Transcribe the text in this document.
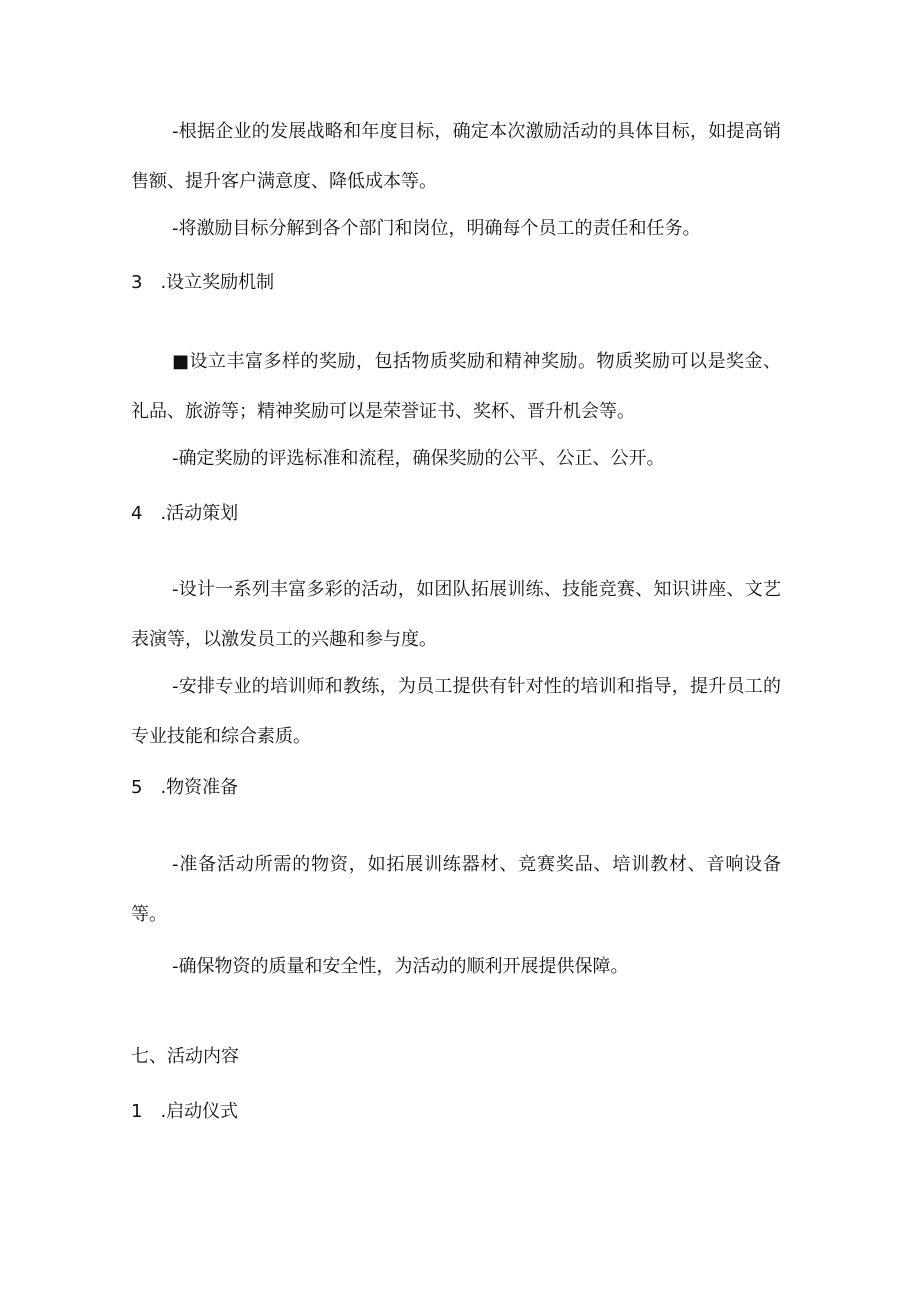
-根据企业的发展战略和年度目标，确定本次激励活动的具体目标，如提高销售额、提升客户满意度、降低成本等。
-将激励目标分解到各个部门和岗位，明确每个员工的责任和任务。
3　.设立奖励机制
■设立丰富多样的奖励，包括物质奖励和精神奖励。物质奖励可以是奖金、礼品、旅游等；精神奖励可以是荣誉证书、奖杯、晋升机会等。
-确定奖励的评选标准和流程，确保奖励的公平、公正、公开。
4　.活动策划
-设计一系列丰富多彩的活动，如团队拓展训练、技能竞赛、知识讲座、文艺表演等，以激发员工的兴趣和参与度。
-安排专业的培训师和教练，为员工提供有针对性的培训和指导，提升员工的专业技能和综合素质。
5　.物资准备
-准备活动所需的物资，如拓展训练器材、竞赛奖品、培训教材、音响设备等。
-确保物资的质量和安全性，为活动的顺利开展提供保障。
七、活动内容
1　.启动仪式
